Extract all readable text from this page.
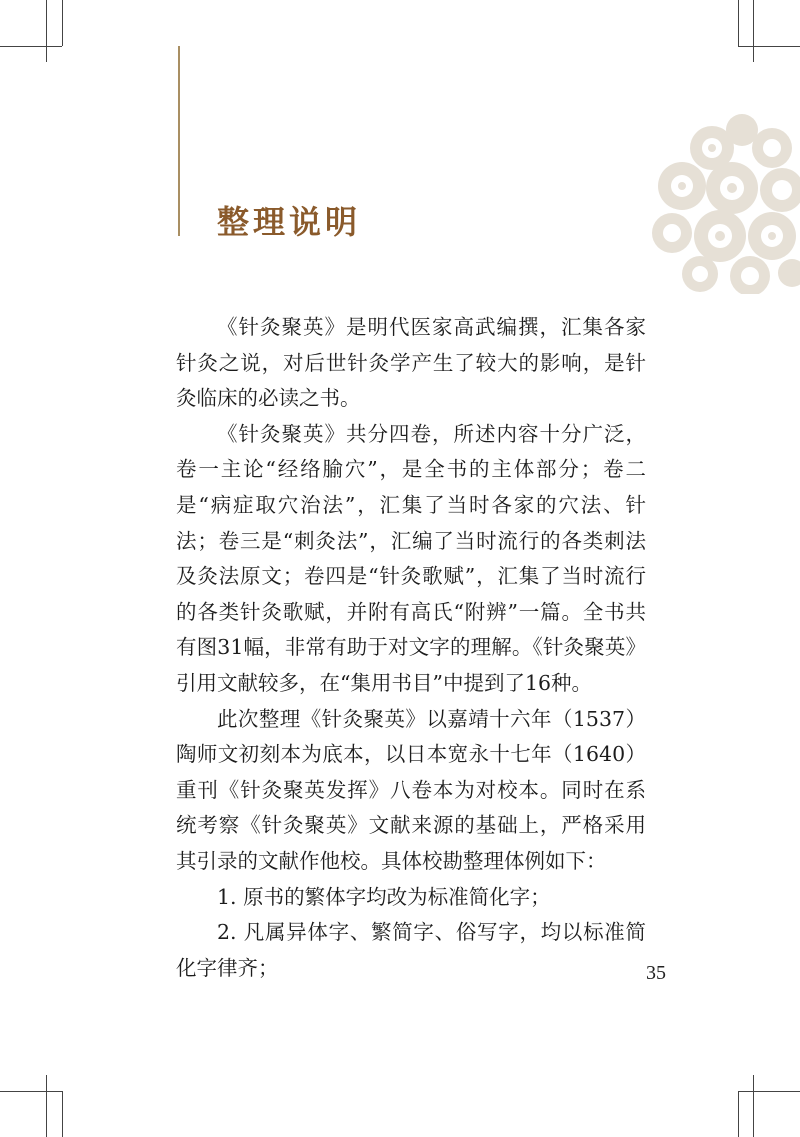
整理说明

《针灸聚英》是明代医家高武编撰，汇集各家针灸之说，对后世针灸学产生了较大的影响，是针灸临床的必读之书。

《针灸聚英》共分四卷，所述内容十分广泛，卷一主论“经络腧穴”，是全书的主体部分；卷二是“病症取穴治法”，汇集了当时各家的穴法、针法；卷三是“刺灸法”，汇编了当时流行的各类刺法及灸法原文；卷四是“针灸歌赋”，汇集了当时流行的各类针灸歌赋，并附有高氏“附辨”一篇。全书共有图31幅，非常有助于对文字的理解。《针灸聚英》引用文献较多，在“集用书目”中提到了16种。

此次整理《针灸聚英》以嘉靖十六年（1537）陶师文初刻本为底本，以日本宽永十七年（1640）重刊《针灸聚英发挥》八卷本为对校本。同时在系统考察《针灸聚英》文献来源的基础上，严格采用其引录的文献作他校。具体校勘整理体例如下：

1. 原书的繁体字均改为标准简化字；

2. 凡属异体字、繁简字、俗写字，均以标准简化字律齐；	35
